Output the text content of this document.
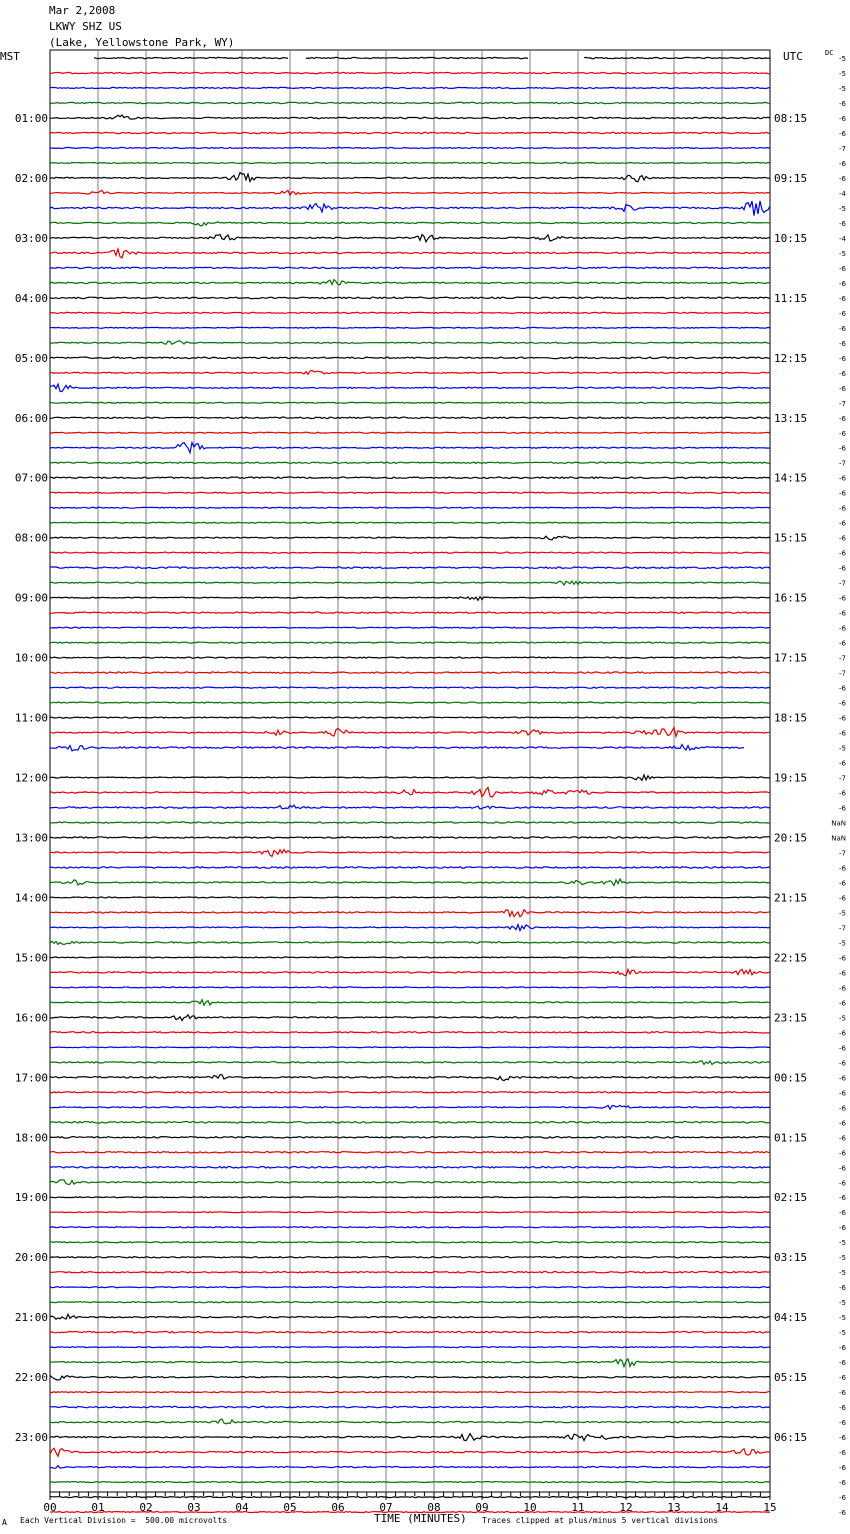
Mar 2,2008
LKWY SHZ US
(Lake, Yellowstone Park, WY)
MST	UTC	DC
00	01	02	03	04	05	06	07	08	09	10	11	12	13	14	15
01:00
02:00
03:00
04:00
05:00
06:00
07:00
08:00
09:00
10:00
11:00
12:00
13:00
14:00
15:00
16:00
17:00
18:00
19:00
20:00
21:00
22:00
23:00
08:15
09:15
10:15
11:15
12:15
13:15
14:15
15:15
16:15
17:15
18:15
19:15
20:15
21:15
22:15
23:15
00:15
01:15
02:15
03:15
04:15
05:15
06:15
-5
-5
-5
-6
-6
-6
-7
-6
-6
-4
-5
-6
-4
-5
-6
-6
-6
-6
-6
-6
-6
-6
-6
-7
-6
-6
-6
-7
-6
-6
-6
-6
-6
-6
-6
-7
-6
-6
-6
-6
-7
-7
-6
-6
-6
-6
-5
-6
-7
-6
-6
NaN
NaN
-7
-6
-6
-6
-5
-7
-5
-6
-6
-6
-6
-5
-6
-6
-6
-6
-6
-6
-6
-6
-6
-6
-6
-6
-6
-6
-5
-5
-5
-6
-5
-5
-5
-6
-6
-6
-6
-6
-6
-6
-6
-6
-6
-6
-6
A Each Vertical Division =  500.00 microvolts	TIME (MINUTES) Traces clipped at plus/minus 5 vertical divisions
